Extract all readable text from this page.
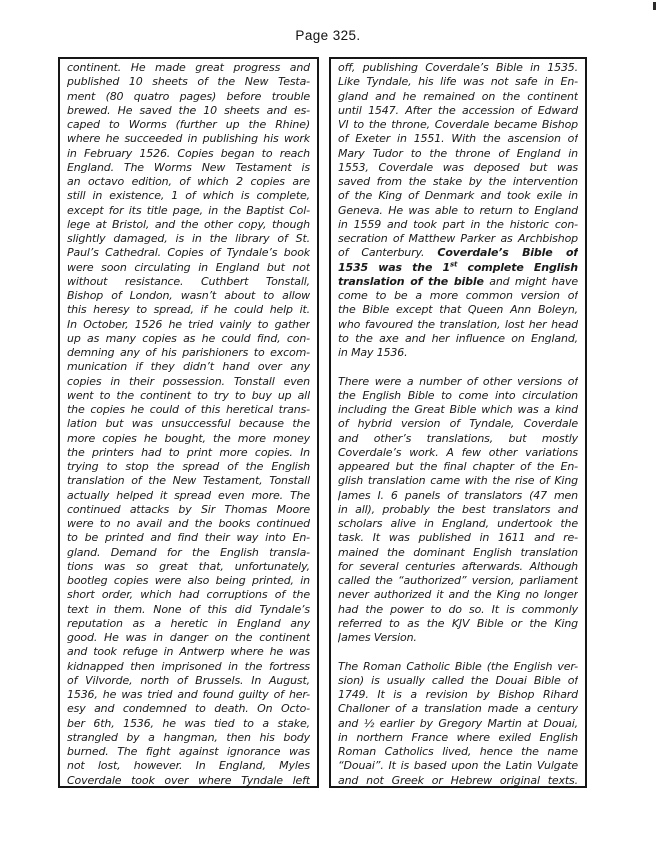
Page 325.
continent. He made great progress and
published 10 sheets of the New Testa-
ment (80 quatro pages) before trouble
brewed. He saved the 10 sheets and es-
caped to Worms (further up the Rhine)
where he succeeded in publishing his work
in February 1526. Copies began to reach
England. The Worms New Testament is
an octavo edition, of which 2 copies are
still in existence, 1 of which is complete,
except for its title page, in the Baptist Col-
lege at Bristol, and the other copy, though
slightly damaged, is in the library of St.
Paul’s Cathedral. Copies of Tyndale’s book
were soon circulating in England but not
without resistance. Cuthbert Tonstall,
Bishop of London, wasn’t about to allow
this heresy to spread, if he could help it.
In October, 1526 he tried vainly to gather
up as many copies as he could find, con-
demning any of his parishioners to excom-
munication if they didn’t hand over any
copies in their possession. Tonstall even
went to the continent to try to buy up all
the copies he could of this heretical trans-
lation but was unsuccessful because the
more copies he bought, the more money
the printers had to print more copies. In
trying to stop the spread of the English
translation of the New Testament, Tonstall
actually helped it spread even more. The
continued attacks by Sir Thomas Moore
were to no avail and the books continued
to be printed and find their way into En-
gland. Demand for the English transla-
tions was so great that, unfortunately,
bootleg copies were also being printed, in
short order, which had corruptions of the
text in them. None of this did Tyndale’s
reputation as a heretic in England any
good. He was in danger on the continent
and took refuge in Antwerp where he was
kidnapped then imprisoned in the fortress
of Vilvorde, north of Brussels. In August,
1536, he was tried and found guilty of her-
esy and condemned to death. On Octo-
ber 6th, 1536, he was tied to a stake,
strangled by a hangman, then his body
burned. The fight against ignorance was
not lost, however. In England, Myles
Coverdale took over where Tyndale left
off, publishing Coverdale’s Bible in 1535.
Like Tyndale, his life was not safe in En-
gland and he remained on the continent
until 1547. After the accession of Edward
VI to the throne, Coverdale became Bishop
of Exeter in 1551. With the ascension of
Mary Tudor to the throne of England in
1553, Coverdale was deposed but was
saved from the stake by the intervention
of the King of Denmark and took exile in
Geneva. He was able to return to England
in 1559 and took part in the historic con-
secration of Matthew Parker as Archbishop
of Canterbury. Coverdale’s Bible of
1535 was the 1st complete English
translation of the bible and might have
come to be a more common version of
the Bible except that Queen Ann Boleyn,
who favoured the translation, lost her head
to the axe and her influence on England,
in May 1536.

There were a number of other versions of
the English Bible to come into circulation
including the Great Bible which was a kind
of hybrid version of Tyndale, Coverdale
and other’s translations, but mostly
Coverdale’s work. A few other variations
appeared but the final chapter of the En-
glish translation came with the rise of King
James I. 6 panels of translators (47 men
in all), probably the best translators and
scholars alive in England, undertook the
task. It was published in 1611 and re-
mained the dominant English translation
for several centuries afterwards. Although
called the “authorized” version, parliament
never authorized it and the King no longer
had the power to do so. It is commonly
referred to as the KJV Bible or the King
James Version.

The Roman Catholic Bible (the English ver-
sion) is usually called the Douai Bible of
1749. It is a revision by Bishop Rihard
Challoner of a translation made a century
and ½ earlier by Gregory Martin at Douai,
in northern France where exiled English
Roman Catholics lived, hence the name
“Douai”. It is based upon the Latin Vulgate
and not Greek or Hebrew original texts.
